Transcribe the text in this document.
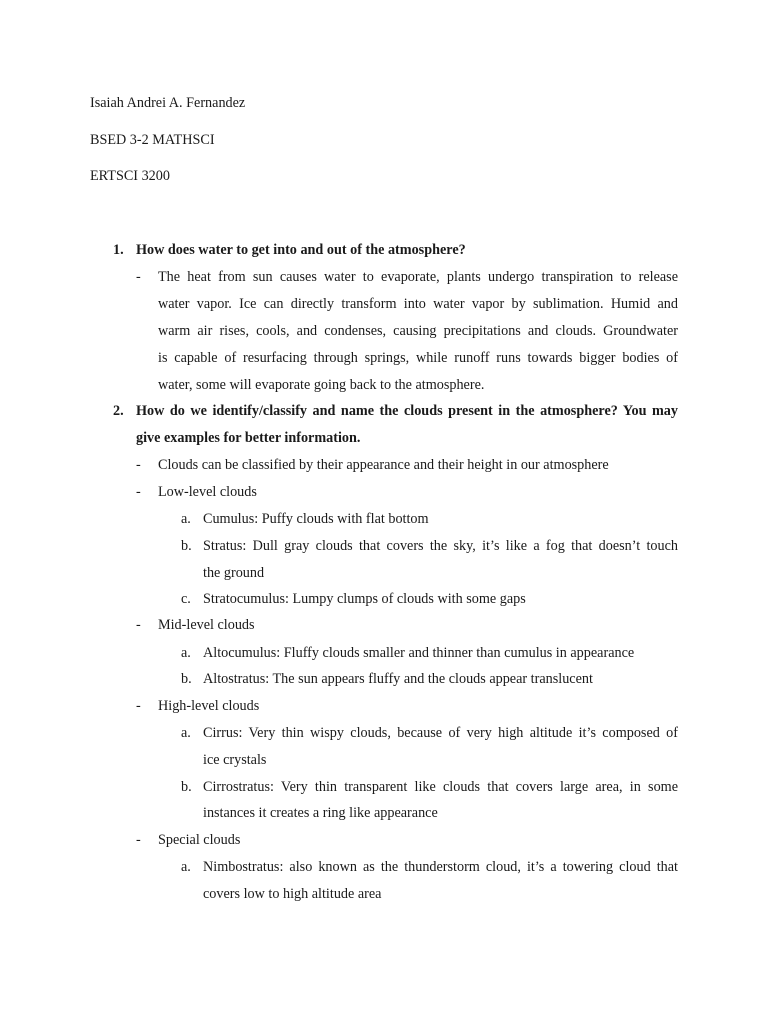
Isaiah Andrei A. Fernandez
BSED 3-2 MATHSCI
ERTSCI 3200
1. How does water to get into and out of the atmosphere?
- The heat from sun causes water to evaporate, plants undergo transpiration to release
water vapor. Ice can directly transform into water vapor by sublimation. Humid and
warm air rises, cools, and condenses, causing precipitations and clouds. Groundwater
is capable of resurfacing through springs, while runoff runs towards bigger bodies of
water, some will evaporate going back to the atmosphere.
2. How do we identify/classify and name the clouds present in the atmosphere? You may
give examples for better information.
- Clouds can be classified by their appearance and their height in our atmosphere
- Low-level clouds
a. Cumulus: Puffy clouds with flat bottom
b. Stratus: Dull gray clouds that covers the sky, it’s like a fog that doesn’t touch
the ground
c. Stratocumulus: Lumpy clumps of clouds with some gaps
- Mid-level clouds
a. Altocumulus: Fluffy clouds smaller and thinner than cumulus in appearance
b. Altostratus: The sun appears fluffy and the clouds appear translucent
- High-level clouds
a. Cirrus: Very thin wispy clouds, because of very high altitude it’s composed of
ice crystals
b. Cirrostratus: Very thin transparent like clouds that covers large area, in some
instances it creates a ring like appearance
- Special clouds
a. Nimbostratus: also known as the thunderstorm cloud, it’s a towering cloud that
covers low to high altitude area
